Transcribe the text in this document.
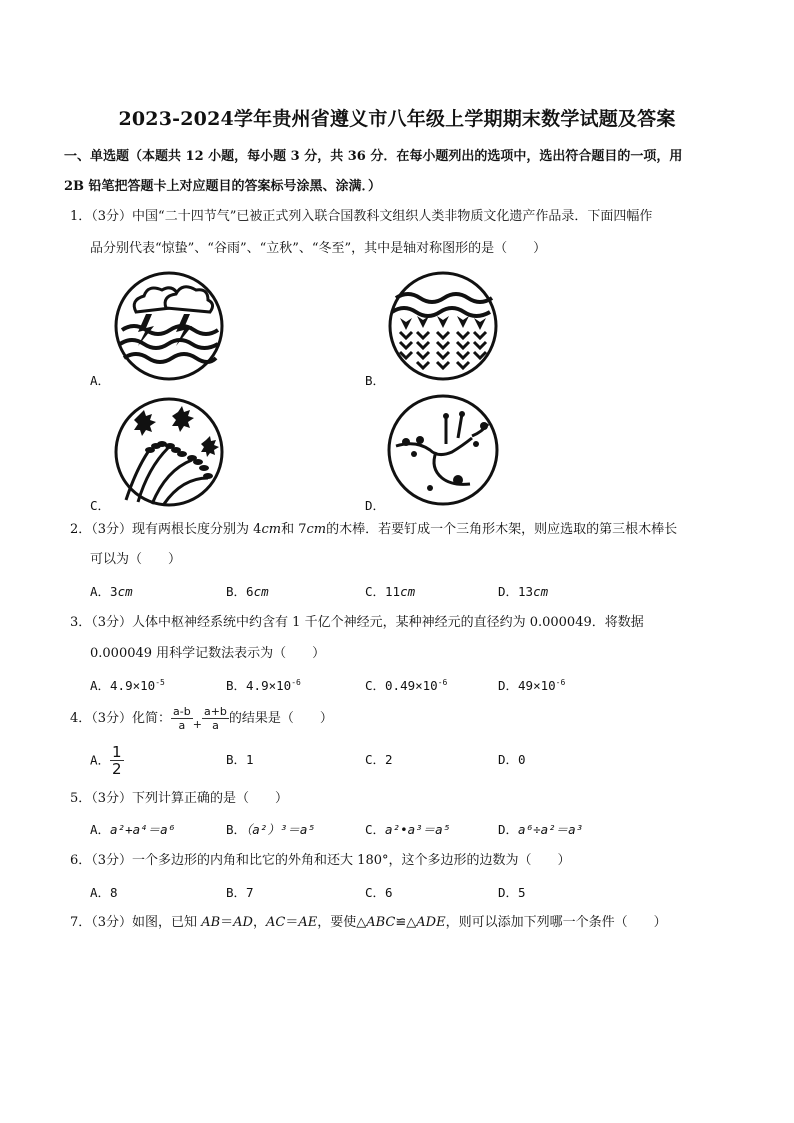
2023-2024学年贵州省遵义市八年级上学期期末数学试题及答案
一、单选题（本题共 12 小题，每小题 3 分，共 36 分．在每小题列出的选项中，选出符合题目的一项，用
2B 铅笔把答题卡上对应题目的答案标号涂黑、涂满．）
1．（3分）中国“二十四节气”已被正式列入联合国教科文组织人类非物质文化遗产作品录．下面四幅作
品分别代表“惊蛰”、“谷雨”、“立秋”、“冬至”，其中是轴对称图形的是（　　）
A．	B．
C．	D．
2．（3分）现有两根长度分别为 4cm和 7cm的木棒．若要钉成一个三角形木架，则应选取的第三根木棒长
可以为（　　）
A．3cm	B．6cm	C．11cm	D．13cm
3．（3分）人体中枢神经系统中约含有 1 千亿个神经元，某种神经元的直径约为 0.000049．将数据
0.000049 用科学记数法表示为（　　）
A．$4.9\times 10^{-5}$	B．$4.9\times 10^{-6}$	C．$0.49\times 10^{-6}$	D．$49\times 10^{-6}$
4．（3分）化简： $\frac{a-b}{a} _+ \frac{a+b}{a}$ 的结果是（　　）
A． $\frac{1}{2}$	B．1	C．2	D．0
5．（3分）下列计算正确的是（　　）
A．a²+a⁴＝a⁶	B．（a²）³＝a⁵	C．a²•a³＝a⁵	D．a⁶÷a²＝a³
6．（3分）一个多边形的内角和比它的外角和还大 180°，这个多边形的边数为（　　）
A．8	B．7	C．6	D．5
7．（3分）如图，已知 AB＝AD，AC＝AE，要使△ABC≌△ADE，则可以添加下列哪一个条件（　　）
